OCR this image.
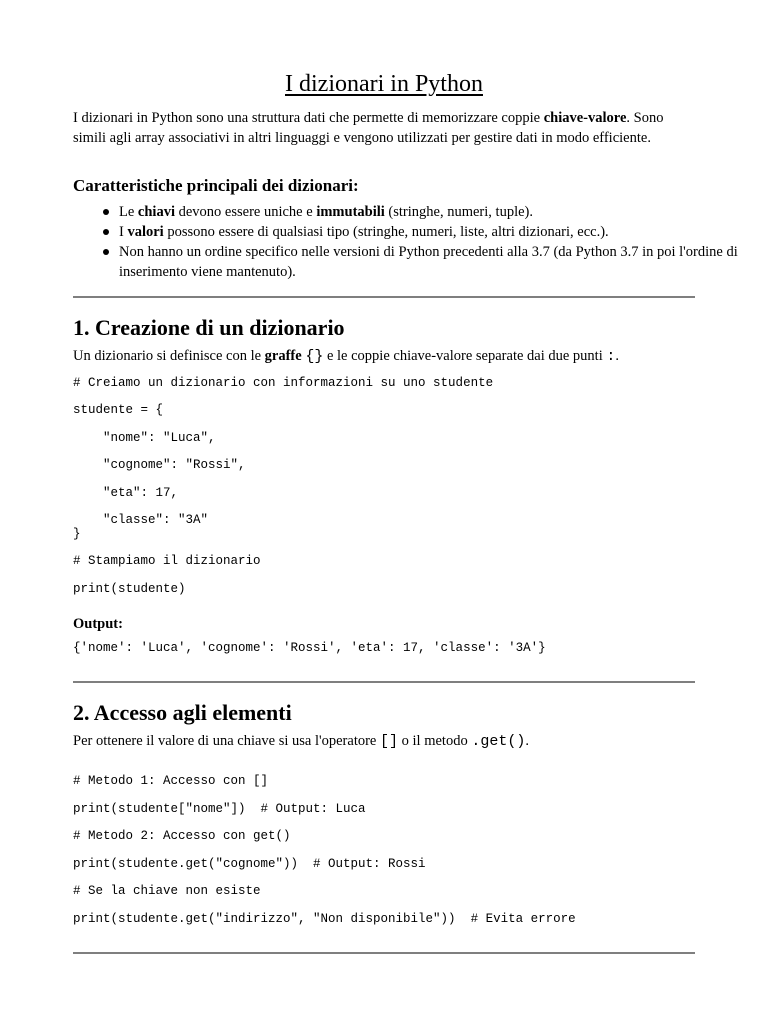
I dizionari in Python

I dizionari in Python sono una struttura dati che permette di memorizzare coppie chiave-valore. Sono simili agli array associativi in altri linguaggi e vengono utilizzati per gestire dati in modo efficiente.

Caratteristiche principali dei dizionari:
Le chiavi devono essere uniche e immutabili (stringhe, numeri, tuple).
I valori possono essere di qualsiasi tipo (stringhe, numeri, liste, altri dizionari, ecc.).
Non hanno un ordine specifico nelle versioni di Python precedenti alla 3.7 (da Python 3.7 in poi l'ordine di inserimento viene mantenuto).
1. Creazione di un dizionario

Un dizionario si definisce con le graffe {} e le coppie chiave-valore separate dai due punti :.

# Creiamo un dizionario con informazioni su uno studente
studente = {
"nome": "Luca",
"cognome": "Rossi",
"eta": 17,
"classe": "3A"
}
# Stampiamo il dizionario
print(studente)

Output:

{'nome': 'Luca', 'cognome': 'Rossi', 'eta': 17, 'classe': '3A'}
2. Accesso agli elementi

Per ottenere il valore di una chiave si usa l'operatore [] o il metodo .get().

# Metodo 1: Accesso con []
print(studente["nome"])  # Output: Luca
# Metodo 2: Accesso con get()
print(studente.get("cognome"))  # Output: Rossi
# Se la chiave non esiste
print(studente.get("indirizzo", "Non disponibile"))  # Evita errore
